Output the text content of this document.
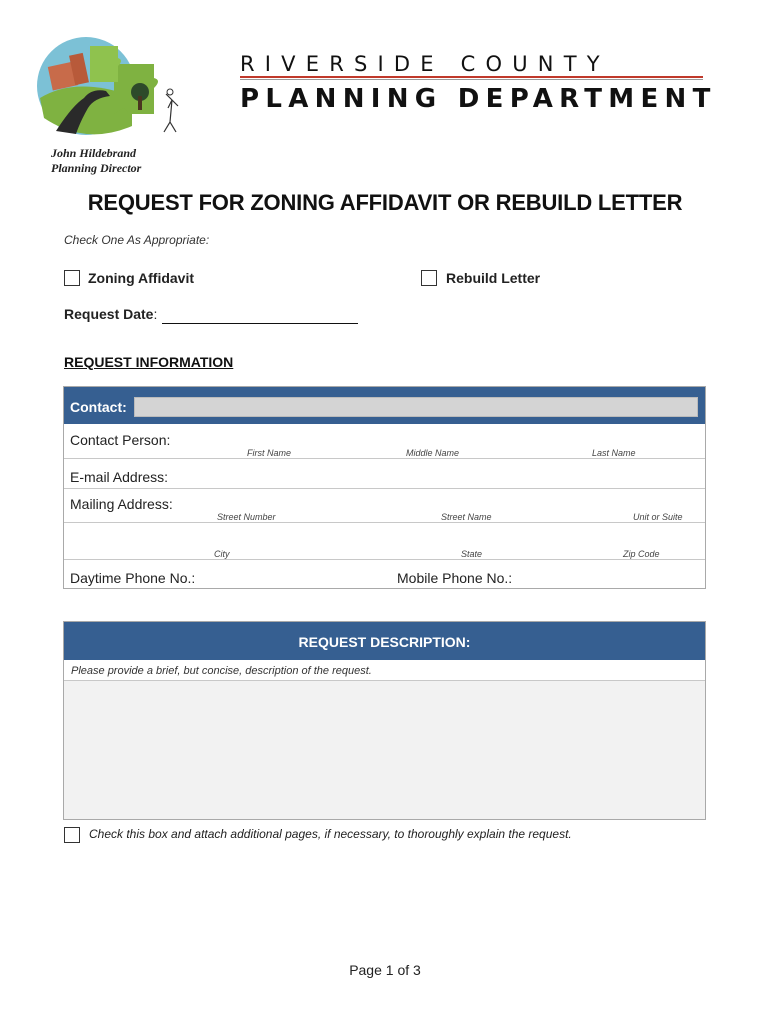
RIVERSIDE COUNTY
PLANNING DEPARTMENT
John Hildebrand
Planning Director
REQUEST FOR ZONING AFFIDAVIT OR REBUILD LETTER
Check One As Appropriate:
Zoning Affidavit	Rebuild Letter
Request Date:
REQUEST INFORMATION
Contact:
Contact Person:
First Name	Middle Name	Last Name
E-mail Address:
Mailing Address:
Street Number	Street Name	Unit or Suite
City	State	Zip Code
Daytime Phone No.:	Mobile Phone No.:
REQUEST DESCRIPTION:
Please provide a brief, but concise, description of the request.
Check this box and attach additional pages, if necessary, to thoroughly explain the request.
Page 1 of 3
